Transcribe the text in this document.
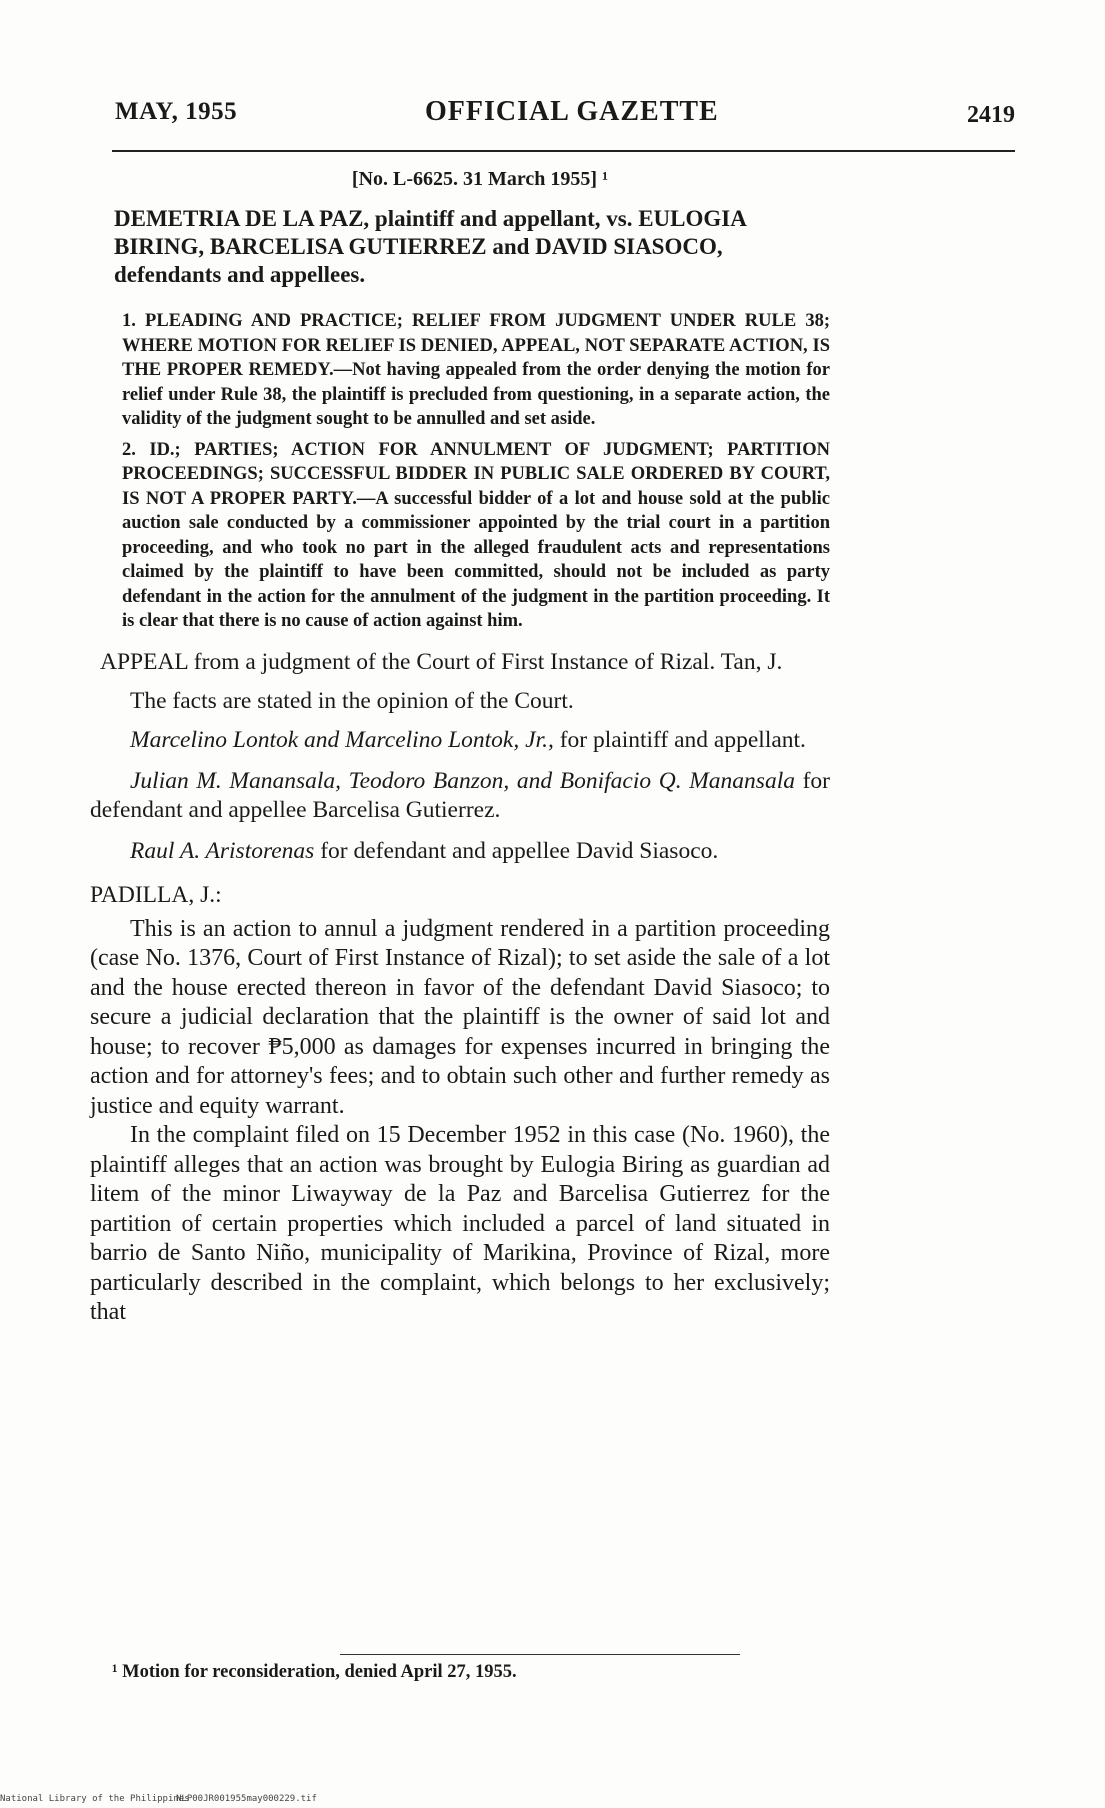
MAY, 1955	OFFICIAL GAZETTE	2419
[No. L-6625. 31 March 1955] ¹
DEMETRIA DE LA PAZ, plaintiff and appellant, vs. EULOGIA BIRING, BARCELISA GUTIERREZ and DAVID SIASOCO, defendants and appellees.
1. PLEADING AND PRACTICE; RELIEF FROM JUDGMENT UNDER RULE 38; WHERE MOTION FOR RELIEF IS DENIED, APPEAL, NOT SEPARATE ACTION, IS THE PROPER REMEDY.—Not having appealed from the order denying the motion for relief under Rule 38, the plaintiff is precluded from questioning, in a separate action, the validity of the judgment sought to be annulled and set aside.
2. ID.; PARTIES; ACTION FOR ANNULMENT OF JUDGMENT; PARTITION PROCEEDINGS; SUCCESSFUL BIDDER IN PUBLIC SALE ORDERED BY COURT, IS NOT A PROPER PARTY.—A successful bidder of a lot and house sold at the public auction sale conducted by a commissioner appointed by the trial court in a partition proceeding, and who took no part in the alleged fraudulent acts and representations claimed by the plaintiff to have been committed, should not be included as party defendant in the action for the annulment of the judgment in the partition proceeding. It is clear that there is no cause of action against him.
APPEAL from a judgment of the Court of First Instance of Rizal. Tan, J.
The facts are stated in the opinion of the Court.
Marcelino Lontok and Marcelino Lontok, Jr., for plaintiff and appellant.
Julian M. Manansala, Teodoro Banzon, and Bonifacio Q. Manansala for defendant and appellee Barcelisa Gutierrez.
Raul A. Aristorenas for defendant and appellee David Siasoco.
PADILLA, J.:

This is an action to annul a judgment rendered in a partition proceeding (case No. 1376, Court of First Instance of Rizal); to set aside the sale of a lot and the house erected thereon in favor of the defendant David Siasoco; to secure a judicial declaration that the plaintiff is the owner of said lot and house; to recover ₱5,000 as damages for expenses incurred in bringing the action and for attorney's fees; and to obtain such other and further remedy as justice and equity warrant.

In the complaint filed on 15 December 1952 in this case (No. 1960), the plaintiff alleges that an action was brought by Eulogia Biring as guardian ad litem of the minor Liwayway de la Paz and Barcelisa Gutierrez for the partition of certain properties which included a parcel of land situated in barrio de Santo Niño, municipality of Marikina, Province of Rizal, more particularly described in the complaint, which belongs to her exclusively; that

¹ Motion for reconsideration, denied April 27, 1955.
National Library of the Philippines
NLP00JR001955may000229.tif
